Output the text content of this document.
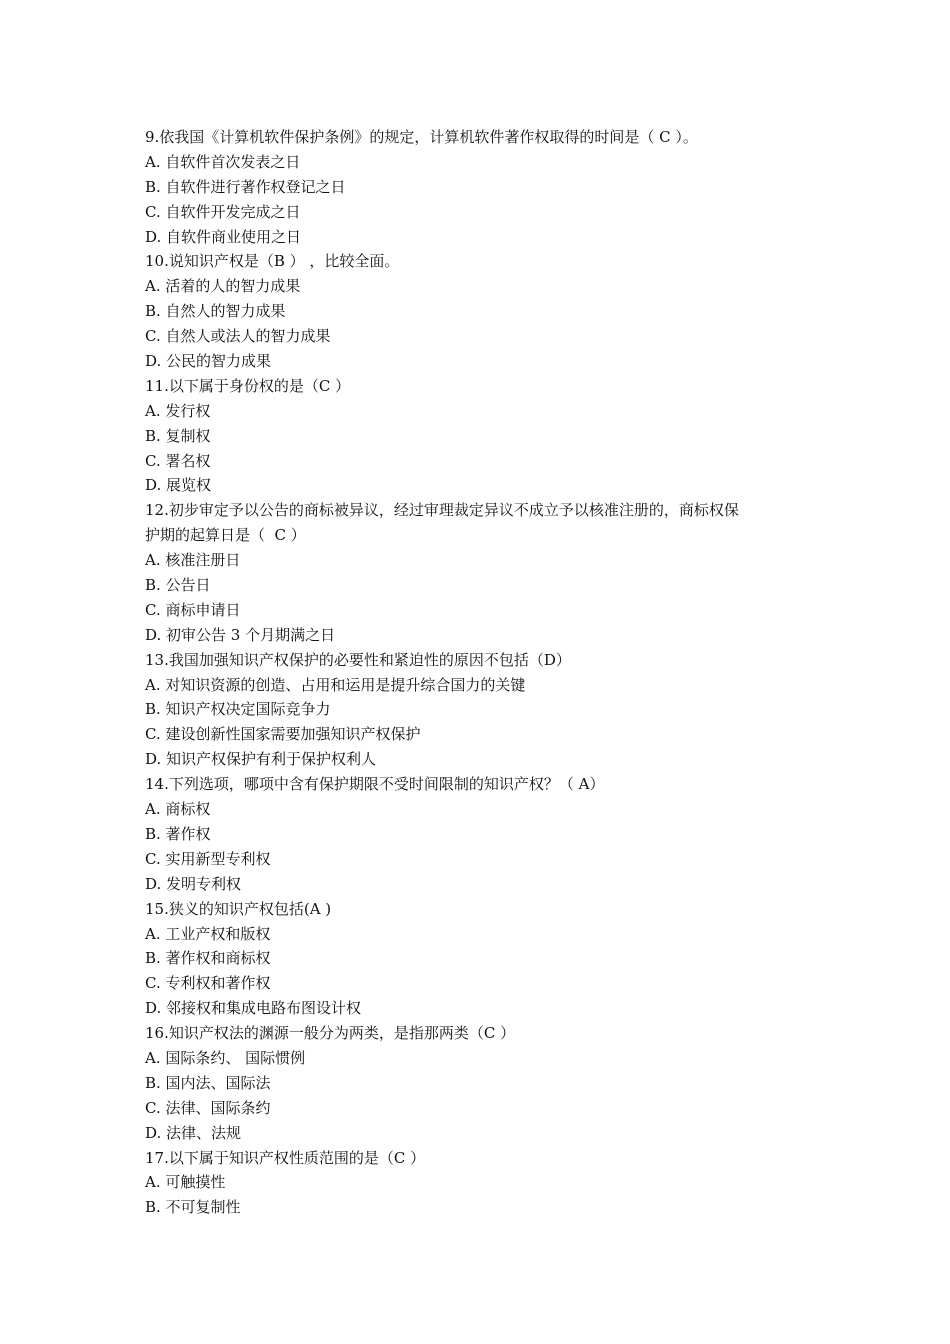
9.依我国《计算机软件保护条例》的规定，计算机软件著作权取得的时间是（ C ）。
A. 自软件首次发表之日
B. 自软件进行著作权登记之日
C. 自软件开发完成之日
D. 自软件商业使用之日
10.说知识产权是（B ） ，比较全面。
A. 活着的人的智力成果
B. 自然人的智力成果
C. 自然人或法人的智力成果
D. 公民的智力成果
11.以下属于身份权的是（C ）
A. 发行权
B. 复制权
C. 署名权
D. 展览权
12.初步审定予以公告的商标被异议，经过审理裁定异议不成立予以核准注册的，商标权保
护期的起算日是（  C ）
A. 核准注册日
B. 公告日
C. 商标申请日
D. 初审公告 3 个月期满之日
13.我国加强知识产权保护的必要性和紧迫性的原因不包括（D）
A. 对知识资源的创造、占用和运用是提升综合国力的关键
B. 知识产权决定国际竞争力
C. 建设创新性国家需要加强知识产权保护
D. 知识产权保护有利于保护权利人
14.下列选项，哪项中含有保护期限不受时间限制的知识产权？（ A）
A. 商标权
B. 著作权
C. 实用新型专利权
D. 发明专利权
15.狭义的知识产权包括(A )
A. 工业产权和版权
B. 著作权和商标权
C. 专利权和著作权
D. 邻接权和集成电路布图设计权
16.知识产权法的渊源一般分为两类，是指那两类（C ）
A. 国际条约、 国际惯例
B. 国内法、国际法
C. 法律、国际条约
D. 法律、法规
17.以下属于知识产权性质范围的是（C ）
A. 可触摸性
B. 不可复制性
